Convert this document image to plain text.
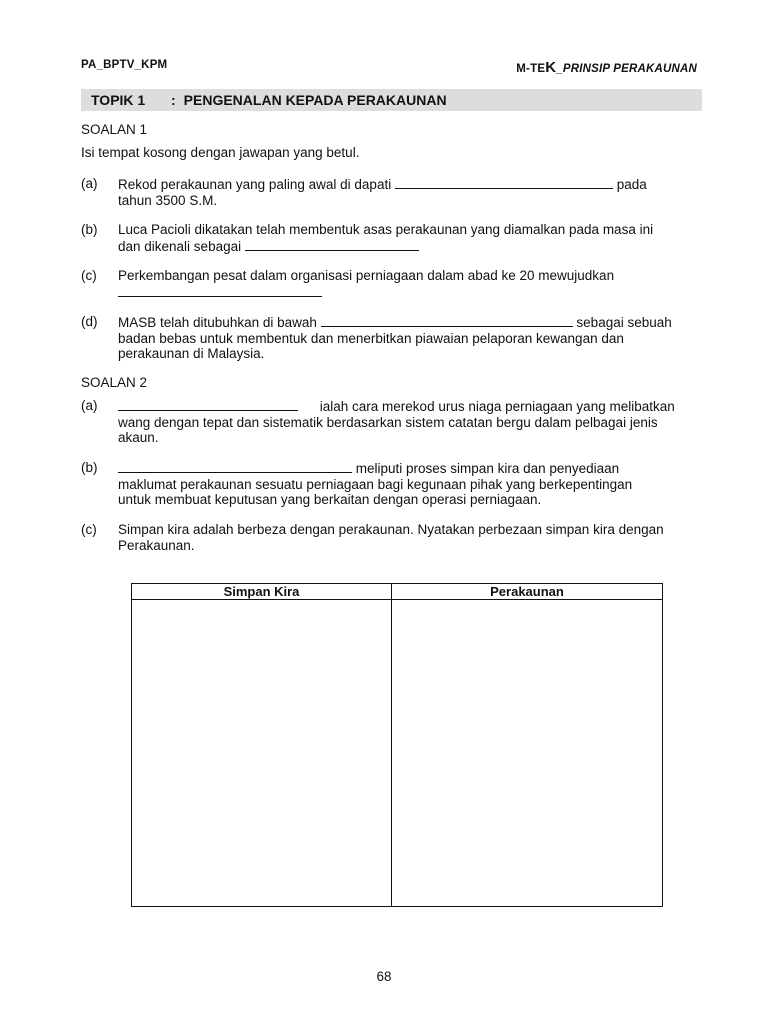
PA_BPTV_KPM	M-TEK_PRINSIP PERAKAUNAN
TOPIK 1 : PENGENALAN KEPADA PERAKAUNAN
SOALAN 1
Isi tempat kosong dengan jawapan yang betul.
(a) Rekod perakaunan yang paling awal di dapati	pada
tahun 3500 S.M.
(b) Luca Pacioli dikatakan telah membentuk asas perakaunan yang diamalkan pada masa ini
dan dikenali sebagai
(c) Perkembangan pesat dalam organisasi perniagaan dalam abad ke 20 mewujudkan
(d) MASB telah ditubuhkan di bawah	sebagai sebuah
badan bebas untuk membentuk dan menerbitkan piawaian pelaporan kewangan dan
perakaunan di Malaysia.
SOALAN 2
(a)	ialah cara merekod urus niaga perniagaan yang melibatkan
wang dengan tepat dan sistematik berdasarkan sistem catatan bergu dalam pelbagai jenis
akaun.
(b)	meliputi proses simpan kira dan penyediaan
maklumat perakaunan sesuatu perniagaan bagi kegunaan pihak yang berkepentingan
untuk membuat keputusan yang berkaitan dengan operasi perniagaan.
(c) Simpan kira adalah berbeza dengan perakaunan. Nyatakan perbezaan simpan kira dengan
Perakaunan.
Simpan Kira	Perakaunan
68
